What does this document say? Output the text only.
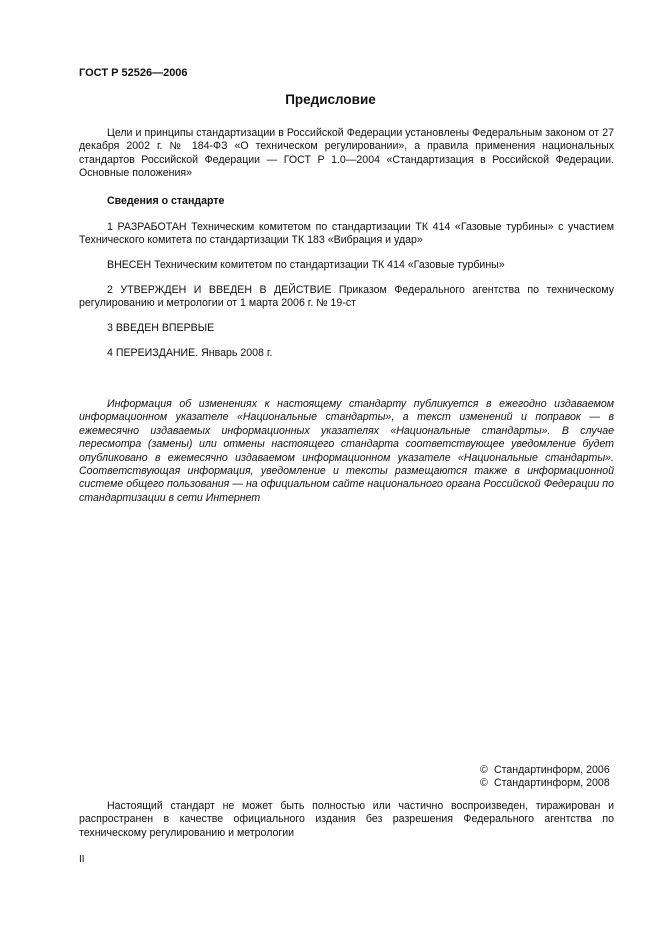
ГОСТ Р 52526—2006
Предисловие

Цели и принципы стандартизации в Российской Федерации установлены Федеральным законом от 27 декабря 2002 г. № 184-ФЗ «О техническом регулировании», а правила применения национальных стандартов Российской Федерации — ГОСТ Р 1.0—2004 «Стандартизация в Российской Федерации. Основные положения»

Сведения о стандарте

1 РАЗРАБОТАН Техническим комитетом по стандартизации ТК 414 «Газовые турбины» с участием Технического комитета по стандартизации ТК 183 «Вибрация и удар»

ВНЕСЕН Техническим комитетом по стандартизации ТК 414 «Газовые турбины»

2 УТВЕРЖДЕН И ВВЕДЕН В ДЕЙСТВИЕ Приказом Федерального агентства по техническому регулированию и метрологии от 1 марта 2006 г. № 19-ст

3 ВВЕДЕН ВПЕРВЫЕ

4 ПЕРЕИЗДАНИЕ. Январь 2008 г.

Информация об изменениях к настоящему стандарту публикуется в ежегодно издаваемом информационном указателе «Национальные стандарты», а текст изменений и поправок — в ежемесячно издаваемых информационных указателях «Национальные стандарты». В случае пересмотра (замены) или отмены настоящего стандарта соответствующее уведомление будет опубликовано в ежемесячно издаваемом информационном указателе «Национальные стандарты». Соответствующая информация, уведомление и тексты размещаются также в информационной системе общего пользования — на официальном сайте национального органа Российской Федерации по стандартизации в сети Интернет

© Стандартинформ, 2006
© Стандартинформ, 2008

Настоящий стандарт не может быть полностью или частично воспроизведен, тиражирован и распространен в качестве официального издания без разрешения Федерального агентства по техническому регулированию и метрологии

II
